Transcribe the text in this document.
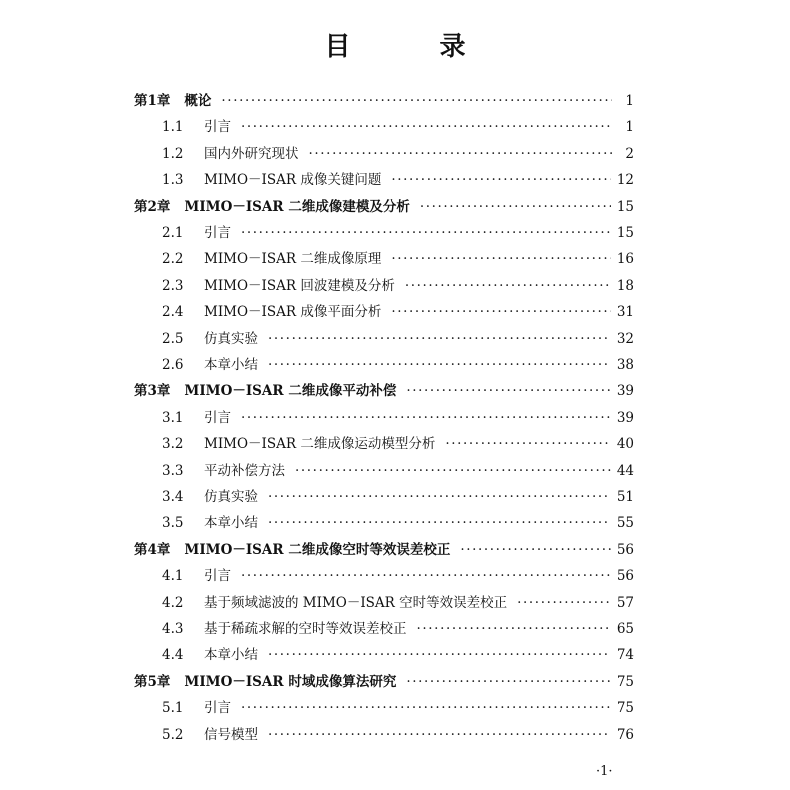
目 录
第1章 概论 ·····	1
1.1	引言 ·····	1
1.2	国内外研究现状 ·····	2
1.3	MIMO－ISAR 成像关键问题 ·····	12
第2章 MIMO－ISAR 二维成像建模及分析 ·····	15
2.1	引言 ·····	15
2.2	MIMO－ISAR 二维成像原理 ·····	16
2.3	MIMO－ISAR 回波建模及分析 ·····	18
2.4	MIMO－ISAR 成像平面分析 ·····	31
2.5	仿真实验 ·····	32
2.6	本章小结 ·····	38
第3章 MIMO－ISAR 二维成像平动补偿 ·····	39
3.1	引言 ·····	39
3.2	MIMO－ISAR 二维成像运动模型分析 ·····	40
3.3	平动补偿方法 ·····	44
3.4	仿真实验 ·····	51
3.5	本章小结 ·····	55
第4章 MIMO－ISAR 二维成像空时等效误差校正 ·····	56
4.1	引言 ·····	56
4.2	基于频域滤波的 MIMO－ISAR 空时等效误差校正 ·····	57
4.3	基于稀疏求解的空时等效误差校正 ·····	65
4.4	本章小结 ·····	74
第5章 MIMO－ISAR 时域成像算法研究 ·····	75
5.1	引言 ·····	75
5.2	信号模型 ·····	76
·1·
